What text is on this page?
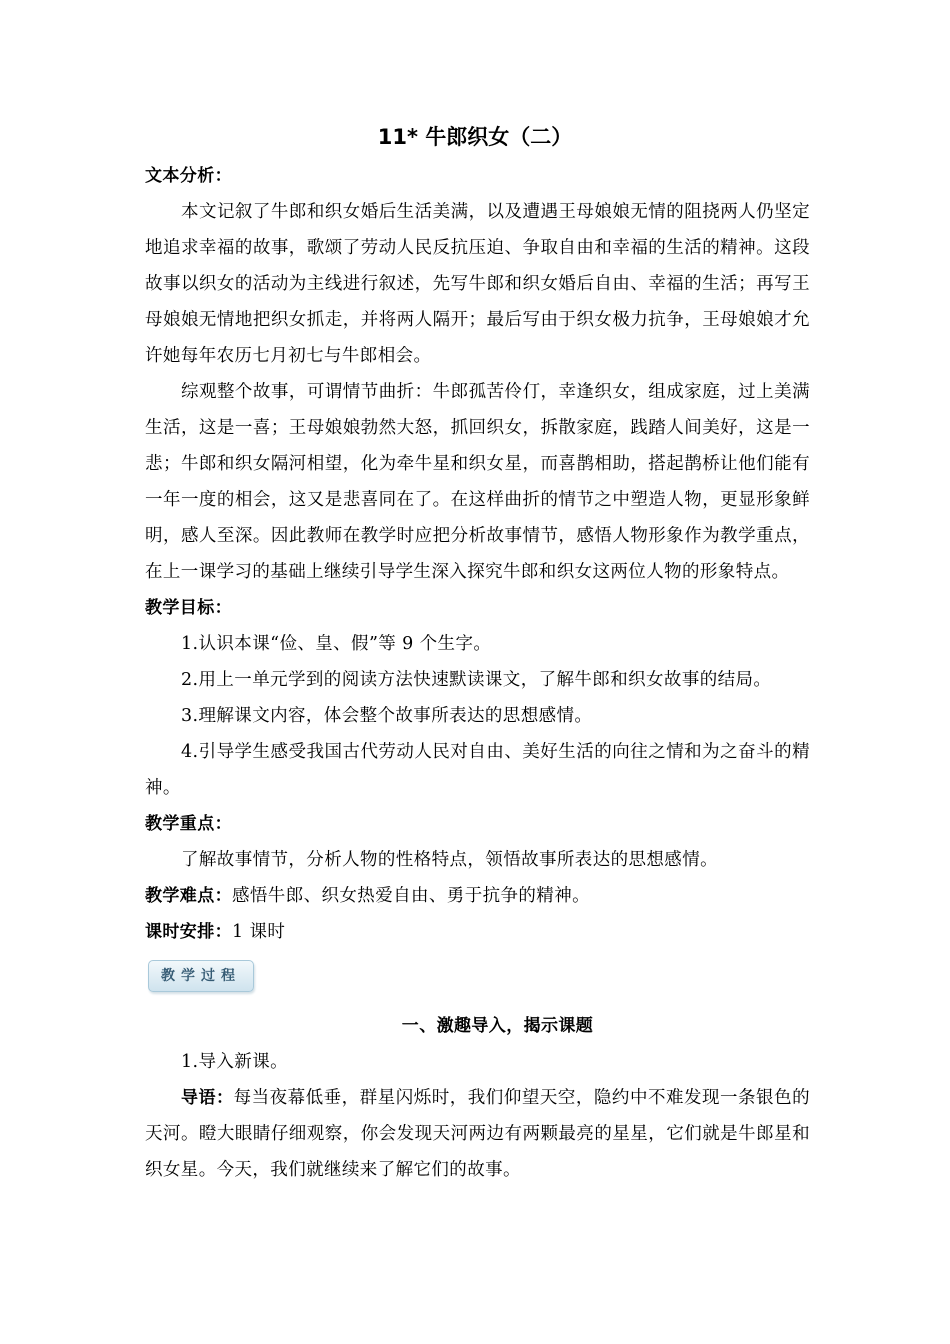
11* 牛郎织女（二）

文本分析：

本文记叙了牛郎和织女婚后生活美满，以及遭遇王母娘娘无情的阻挠两人仍坚定地追求幸福的故事，歌颂了劳动人民反抗压迫、争取自由和幸福的生活的精神。这段故事以织女的活动为主线进行叙述，先写牛郎和织女婚后自由、幸福的生活；再写王母娘娘无情地把织女抓走，并将两人隔开；最后写由于织女极力抗争，王母娘娘才允许她每年农历七月初七与牛郎相会。

综观整个故事，可谓情节曲折：牛郎孤苦伶仃，幸逢织女，组成家庭，过上美满生活，这是一喜；王母娘娘勃然大怒，抓回织女，拆散家庭，践踏人间美好，这是一悲；牛郎和织女隔河相望，化为牵牛星和织女星，而喜鹊相助，搭起鹊桥让他们能有一年一度的相会，这又是悲喜同在了。在这样曲折的情节之中塑造人物，更显形象鲜明，感人至深。因此教师在教学时应把分析故事情节，感悟人物形象作为教学重点，在上一课学习的基础上继续引导学生深入探究牛郎和织女这两位人物的形象特点。

教学目标：

1.认识本课“俭、皇、假”等 9 个生字。

2.用上一单元学到的阅读方法快速默读课文，了解牛郎和织女故事的结局。

3.理解课文内容，体会整个故事所表达的思想感情。

4.引导学生感受我国古代劳动人民对自由、美好生活的向往之情和为之奋斗的精神。

教学重点：

了解故事情节，分析人物的性格特点，领悟故事所表达的思想感情。

教学难点：感悟牛郎、织女热爱自由、勇于抗争的精神。

课时安排：1 课时

教学过程

一、激趣导入，揭示课题

1.导入新课。

导语：每当夜幕低垂，群星闪烁时，我们仰望天空，隐约中不难发现一条银色的天河。瞪大眼睛仔细观察，你会发现天河两边有两颗最亮的星星，它们就是牛郎星和织女星。今天，我们就继续来了解它们的故事。
